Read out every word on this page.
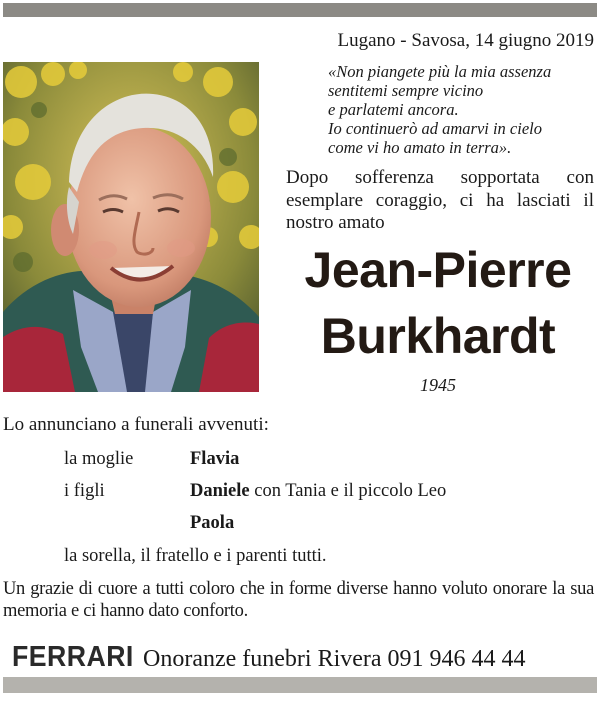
Lugano - Savosa, 14 giugno 2019
«Non piangete più la mia assenza
sentitemi sempre vicino
e parlatemi ancora.
Io continuerò ad amarvi in cielo
come vi ho amato in terra».
Dopo sofferenza sopportata con esemplare coraggio, ci ha lasciati il nostro amato
Jean-Pierre
Burkhardt
1945
Lo annunciano a funerali avvenuti:
la moglie	Flavia
i figli	Daniele con Tania e il piccolo Leo
Paola
la sorella, il fratello e i parenti tutti.
Un grazie di cuore a tutti coloro che in forme diverse hanno voluto onorare la sua memoria e ci hanno dato conforto.
FERRARI Onoranze funebri Rivera 091 946 44 44
